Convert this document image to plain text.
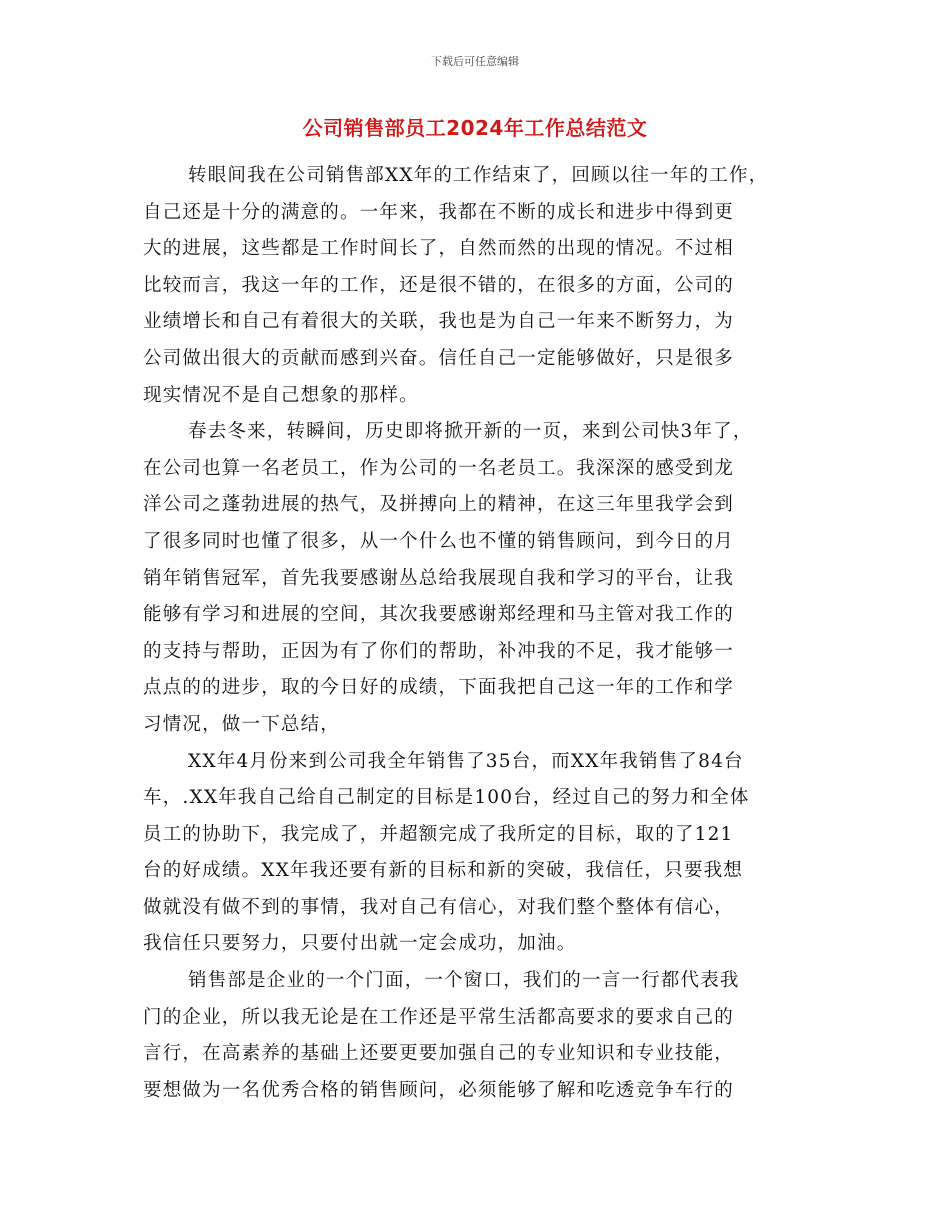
下载后可任意编辑
公司销售部员工2024年工作总结范文
转眼间我在公司销售部XX年的工作结束了，回顾以往一年的工作，
自己还是十分的满意的。一年来，我都在不断的成长和进步中得到更
大的进展，这些都是工作时间长了，自然而然的出现的情况。不过相
比较而言，我这一年的工作，还是很不错的，在很多的方面，公司的
业绩增长和自己有着很大的关联，我也是为自己一年来不断努力，为
公司做出很大的贡献而感到兴奋。信任自己一定能够做好，只是很多
现实情况不是自己想象的那样。
春去冬来，转瞬间，历史即将掀开新的一页，来到公司快3年了，
在公司也算一名老员工，作为公司的一名老员工。我深深的感受到龙
洋公司之蓬勃进展的热气，及拼搏向上的精神，在这三年里我学会到
了很多同时也懂了很多，从一个什么也不懂的销售顾问，到今日的月
销年销售冠军，首先我要感谢丛总给我展现自我和学习的平台，让我
能够有学习和进展的空间，其次我要感谢郑经理和马主管对我工作的
的支持与帮助，正因为有了你们的帮助，补冲我的不足，我才能够一
点点的的进步，取的今日好的成绩，下面我把自己这一年的工作和学
习情况，做一下总结，
XX年4月份来到公司我全年销售了35台，而XX年我销售了84台
车，.XX年我自己给自己制定的目标是100台，经过自己的努力和全体
员工的协助下，我完成了，并超额完成了我所定的目标，取的了121
台的好成绩。XX年我还要有新的目标和新的突破，我信任，只要我想
做就没有做不到的事情，我对自己有信心，对我们整个整体有信心，
我信任只要努力，只要付出就一定会成功，加油。
销售部是企业的一个门面，一个窗口，我们的一言一行都代表我
门的企业，所以我无论是在工作还是平常生活都高要求的要求自己的
言行，在高素养的基础上还要更要加强自己的专业知识和专业技能，
要想做为一名优秀合格的销售顾问，必须能够了解和吃透竞争车行的
